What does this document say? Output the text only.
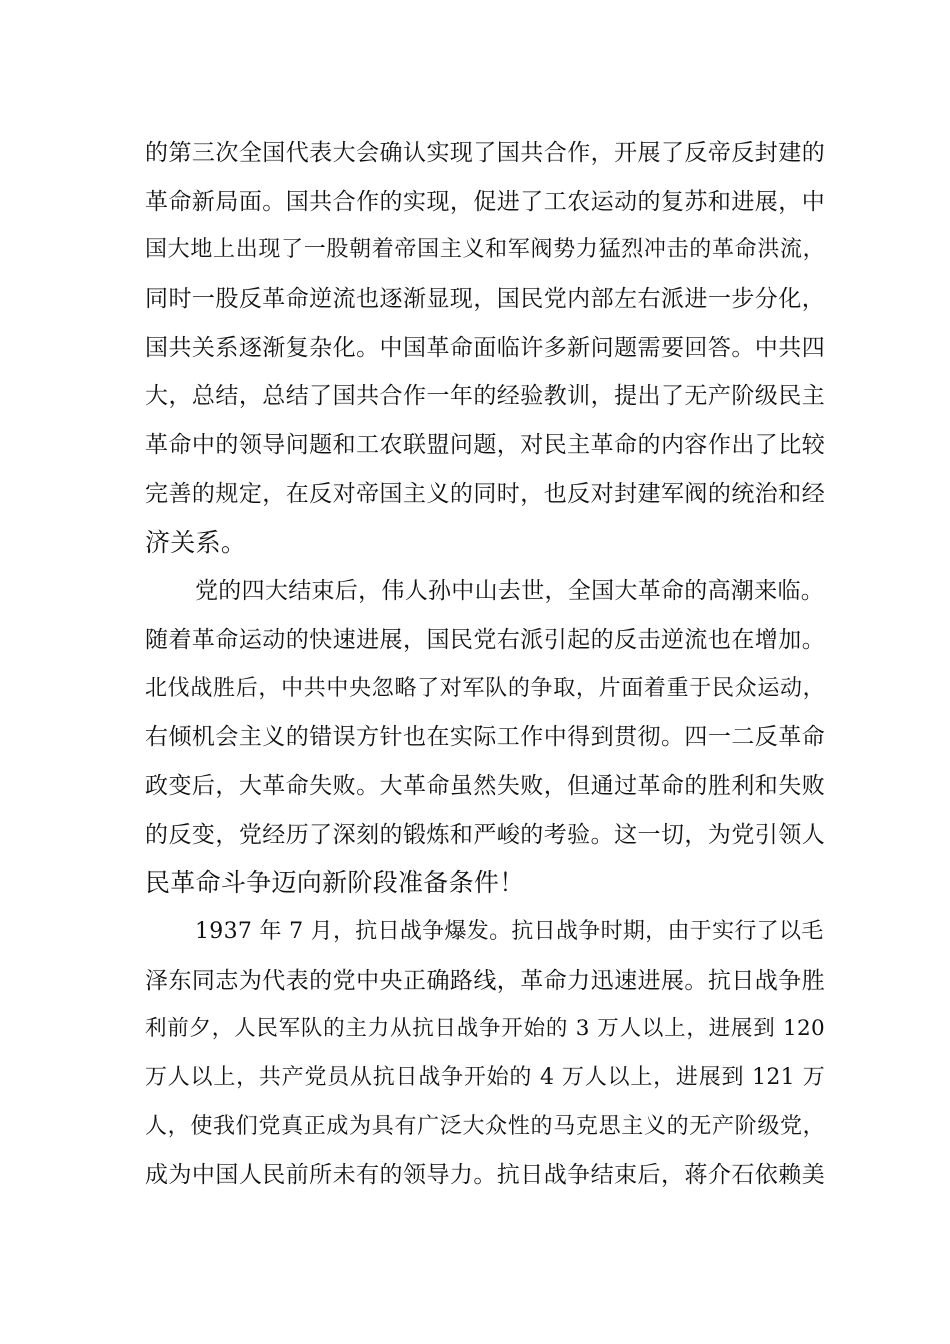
的第三次全国代表大会确认实现了国共合作，开展了反帝反封建的
革命新局面。国共合作的实现，促进了工农运动的复苏和进展，中
国大地上出现了一股朝着帝国主义和军阀势力猛烈冲击的革命洪流，
同时一股反革命逆流也逐渐显现，国民党内部左右派进一步分化，
国共关系逐渐复杂化。中国革命面临许多新问题需要回答。中共四
大，总结，总结了国共合作一年的经验教训，提出了无产阶级民主
革命中的领导问题和工农联盟问题，对民主革命的内容作出了比较
完善的规定，在反对帝国主义的同时，也反对封建军阀的统治和经
济关系。
党的四大结束后，伟人孙中山去世，全国大革命的高潮来临。
随着革命运动的快速进展，国民党右派引起的反击逆流也在增加。
北伐战胜后，中共中央忽略了对军队的争取，片面着重于民众运动，
右倾机会主义的错误方针也在实际工作中得到贯彻。四一二反革命
政变后，大革命失败。大革命虽然失败，但通过革命的胜利和失败
的反变，党经历了深刻的锻炼和严峻的考验。这一切，为党引领人
民革命斗争迈向新阶段准备条件！
1937 年 7 月，抗日战争爆发。抗日战争时期，由于实行了以毛
泽东同志为代表的党中央正确路线，革命力迅速进展。抗日战争胜
利前夕，人民军队的主力从抗日战争开始的 3 万人以上，进展到 120
万人以上，共产党员从抗日战争开始的 4 万人以上，进展到 121 万
人，使我们党真正成为具有广泛大众性的马克思主义的无产阶级党，
成为中国人民前所未有的领导力。抗日战争结束后，蒋介石依赖美
